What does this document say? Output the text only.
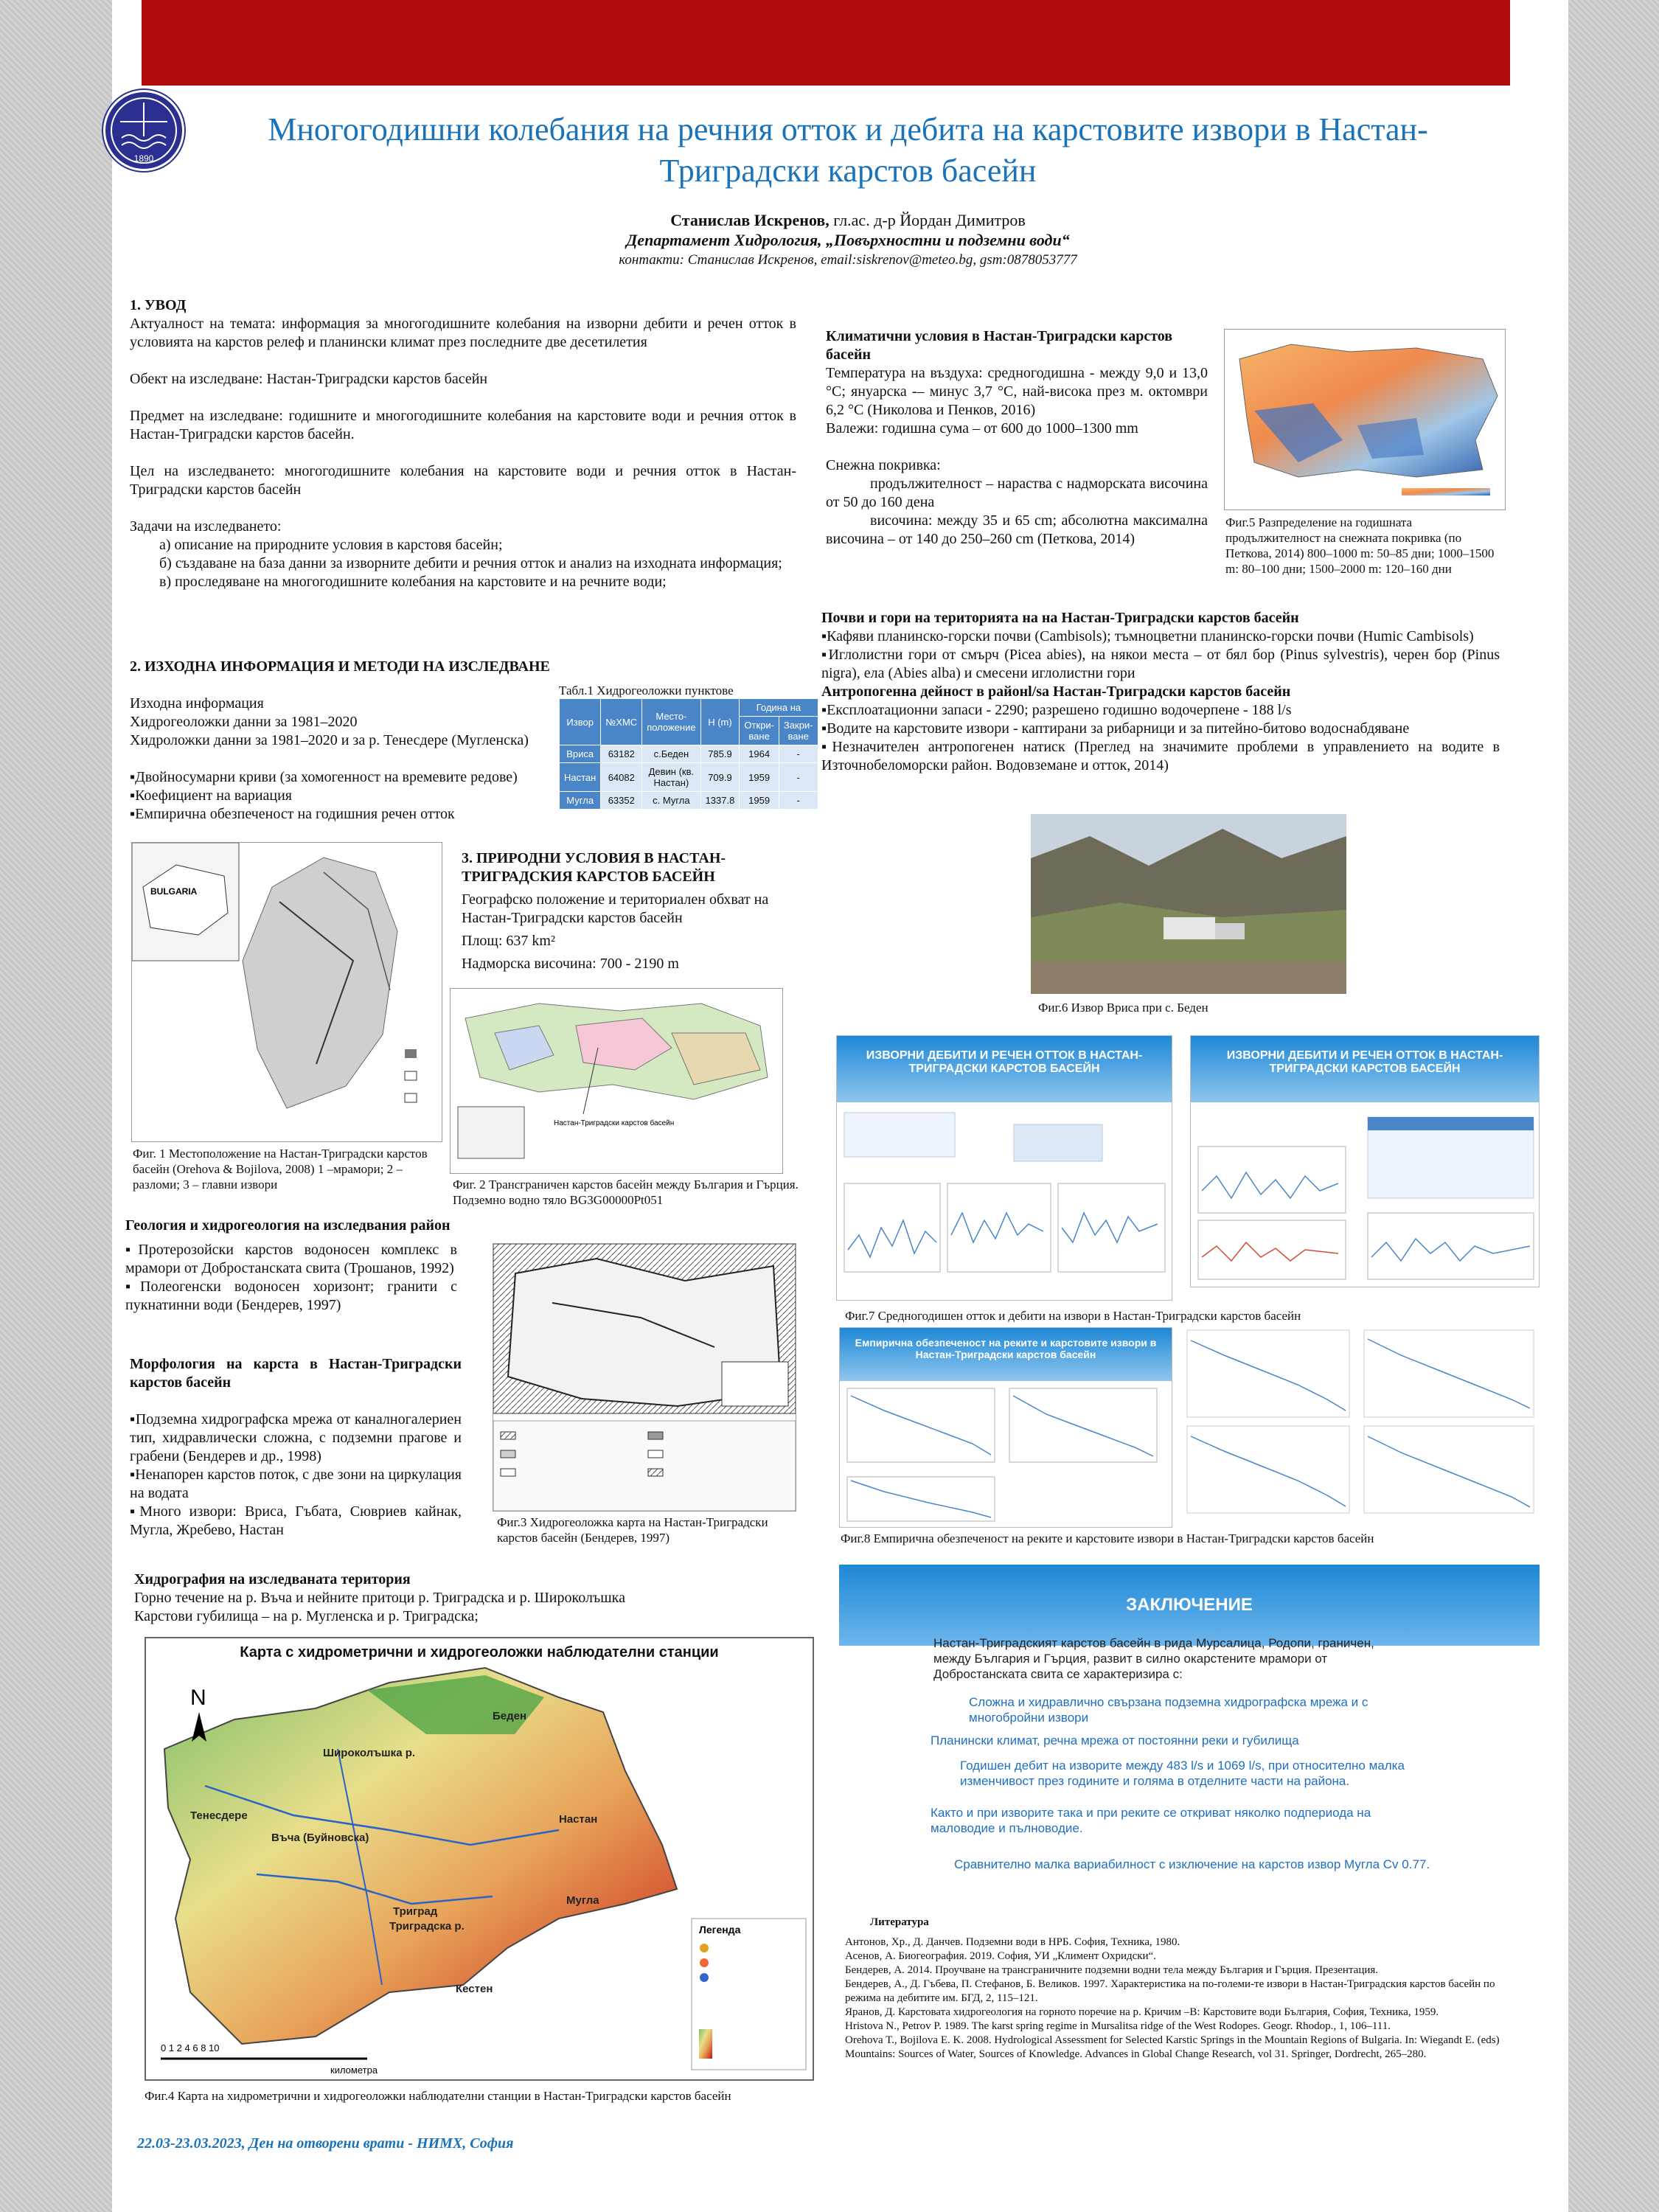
1890
Многогодишни колебания на речния отток и дебита на карстовите извори в Настан-Триградски карстов басейн
Станислав Искренов, гл.ас. д-р Йордан Димитров
Департамент Хидрология, „Повърхностни и подземни води“
контакти: Станислав Искренов, email:siskrenov@meteo.bg, gsm:0878053777
1. УВОД
Актуалност на темата: информация за многогодишните колебания на изворни дебити и речен отток в условията на карстов релеф и планински климат през последните две десетилетия
Обект на изследване: Настан-Триградски карстов басейн
Предмет на изследване: годишните и многогодишните колебания на карстовите води и речния отток в Настан-Триградски карстов басейн.
Цел на изследването: многогодишните колебания на карстовите води и речния отток в Настан-Триградски карстов басейн
Задачи на изследването:
а) описание на природните условия в карстовя басейн;
б) създаване на база данни за изворните дебити и речния отток и анализ на изходната информация;
в) проследяване на многогодишните колебания на карстовите и на речните води;
2. ИЗХОДНА ИНФОРМАЦИЯ И МЕТОДИ НА ИЗСЛЕДВАНЕ
Изходна информация
Хидрогеоложки данни за 1981–2020
Хидроложки данни за 1981–2020 и за р. Тенесдере (Мугленска)
▪Двойносумарни криви (за хомогенност на времевите редове)
▪Коефициент на вариация
▪Емпирична обезпеченост на годишния речен отток
Табл.1 Хидрогеоложки пунктове
Извор	№ХМС	Место-положение	H (m)	Година на	
				Откри-ване	Закри-ване
Вриса	63182	с.Беден	785.9	1964	-
Настан	64082	Девин (кв. Настан)	709.9	1959	-
Мугла	63352	с. Мугла	1337.8	1959	-
BULGARIA
Фиг. 1 Местоположение на Настан-Триградски карстов басейн (Orehova & Bojilova, 2008) 1 –мрамори; 2 – разломи; 3 – главни извори
3. ПРИРОДНИ УСЛОВИЯ В НАСТАН-ТРИГРАДСКИЯ КАРСТОВ БАСЕЙН
Географско положение и териториален обхват на Настан-Триградски карстов басейн
Площ: 637 km²
Надморска височина: 700 - 2190 m
Настан-Триградски карстов басейн
Фиг. 2 Трансграничен карстов басейн между България и Гърция. Подземно водно тяло BG3G00000Pt051
Геология и хидрогеология на изследвания район
▪Протерозойски карстов водоносен комплекс в мрамори от Добростанската свита (Трошанов, 1992)
▪Полеогенски водоносен хоризонт; гранити с пукнатинни води (Бендерев, 1997)
Морфология на карста в Настан-Триградски карстов басейн
▪Подземна хидрографска мрежа от каналногалериен тип, хидравлически сложна, с подземни прагове и грабени (Бендерев и др., 1998)
▪Ненапорен карстов поток, с две зони на циркулация на водата
▪Много извори: Вриса, Гъбата, Сювриев кайнак, Мугла, Жребево, Настан	Фиг.3 Хидрогеоложка карта на Настан-Триградски карстов басейн (Бендерев, 1997)
Хидрография на изследваната територия
Горно течение на р. Въча и нейните притоци р. Триградска и р. Широколъшка
Карстови губилища – на р. Мугленска и р. Триградска;
Карта с хидрометрични и хидрогеоложки наблюдателни станции
N
Широколъшка р.
Тенесдере
Въча (Буйновска)
Триградска р.
Триград
Кестен
Беден
Настан
Мугла
0 1 2 4 6 8 10
километра
Легенда
Фиг.4 Карта на хидрометрични и хидрогеоложки наблюдателни станции в Настан-Триградски карстов басейн
22.03-23.03.2023, Ден на отворени врати - НИМХ, София
Климатични условия в Настан-Триградски карстов басейн
Температура на въздуха: средногодишна - между 9,0 и 13,0 °С; януарска -– минус 3,7 °С, най-висока през м. октомври 6,2 °С (Николова и Пенков, 2016)
Валежи: годишна сума – от 600 до 1000–1300 mm
Снежна покривка:
продължителност – нараства с надморската височина от 50 до 160 дена
височина: между 35 и 65 cm; абсолютна максимална височина – от 140 до 250–260 cm (Петкова, 2014)
Фиг.5 Разпределение на годишната продължителност на снежната покривка (по Петкова, 2014) 800–1000 m: 50–85 дни; 1000–1500 m: 80–100 дни; 1500–2000 m: 120–160 дни
Почви и гори на територията на на Настан-Триградски карстов басейн
▪Кафяви планинско-горски почви (Cambisols); тъмноцветни планинско-горски почви (Humic Cambisols)
▪Иглолистни гори от смърч (Picea abies), на някои места – от бял бор (Pinus sylvestris), черен бор (Pinus nigra), ела (Abies alba) и смесени иглолистни гори
Антропогенна дейност в районl/sa Настан-Триградски карстов басейн
▪Експлоатационни запаси - 2290; разрешено годишно водочерпене - 188 l/s
▪Водите на карстовите извори - каптирани за рибарници и за питейно-битово водоснабдяване
▪Незначителен антропогенен натиск (Преглед на значимите проблеми в управлението на водите в Източнобеломорски район. Водовземане и отток, 2014)
Фиг.6 Извор Вриса при с. Беден
ИЗВОРНИ ДЕБИТИ И РЕЧЕН ОТТОК В НАСТАН-ТРИГРАДСКИ КАРСТОВ БАСЕЙН
ИЗВОРНИ ДЕБИТИ И РЕЧЕН ОТТОК В НАСТАН-ТРИГРАДСКИ КАРСТОВ БАСЕЙН
Фиг.7 Средногодишен отток и дебити на извори в Настан-Триградски карстов басейн
Емпирична обезпеченост на реките и карстовите извори в Настан-Триградски карстов басейн
Фиг.8 Емпирична обезпеченост на реките и карстовите извори в Настан-Триградски карстов басейн
ЗАКЛЮЧЕНИЕ

Настан-Триградският карстов басейн в рида Мурсалица, Родопи, граничен, между България и Гърция, развит в силно окарстените мрамори от Добростанската свита се характеризира с:

Сложна и хидравлично свързана подземна хидрографска мрежа и с многобройни извори

Планински климат, речна мрежа от постоянни реки и губилища

Годишен дебит на изворите между 483 l/s и 1069 l/s, при относително малка изменчивост през годините и голяма в отделните части на района.

Както и при изворите така и при реките се откриват няколко подпериода на маловодие и пълноводие.

Сравнително малка вариабилност с изключение на карстов извор Мугла Cv 0.77.

Литература
Антонов, Хр., Д. Данчев. Подземни води в НРБ. София, Техника, 1980.
Асенов, А. Биогеография. 2019. София, УИ „Климент Охридски“.
Бендерев, А. 2014. Проучване на трансграничните подземни водни тела между България и Гърция. Презентация.
Бендерев, А., Д. Гъбева, П. Стефанов, Б. Великов. 1997. Характеристика на по-големи-те извори в Настан-Триградския карстов басейн по режима на дебитите им. БГД, 2, 115–121.
Яранов, Д. Карстовата хидрогеология на горното поречие на р. Кричим –В: Карстовите води България, София, Техника, 1959.
Hristova N., Petrov P. 1989. The karst spring regime in Mursalitsa ridge of the West Rodopes. Geogr. Rhodop., 1, 106–111.
Orehova T., Bojilova E. K. 2008. Hydrological Assessment for Selected Karstic Springs in the Mountain Regions of Bulgaria. In: Wiegandt E. (eds) Mountains: Sources of Water, Sources of Knowledge. Advances in Global Change Research, vol 31. Springer, Dordrecht, 265–280.
